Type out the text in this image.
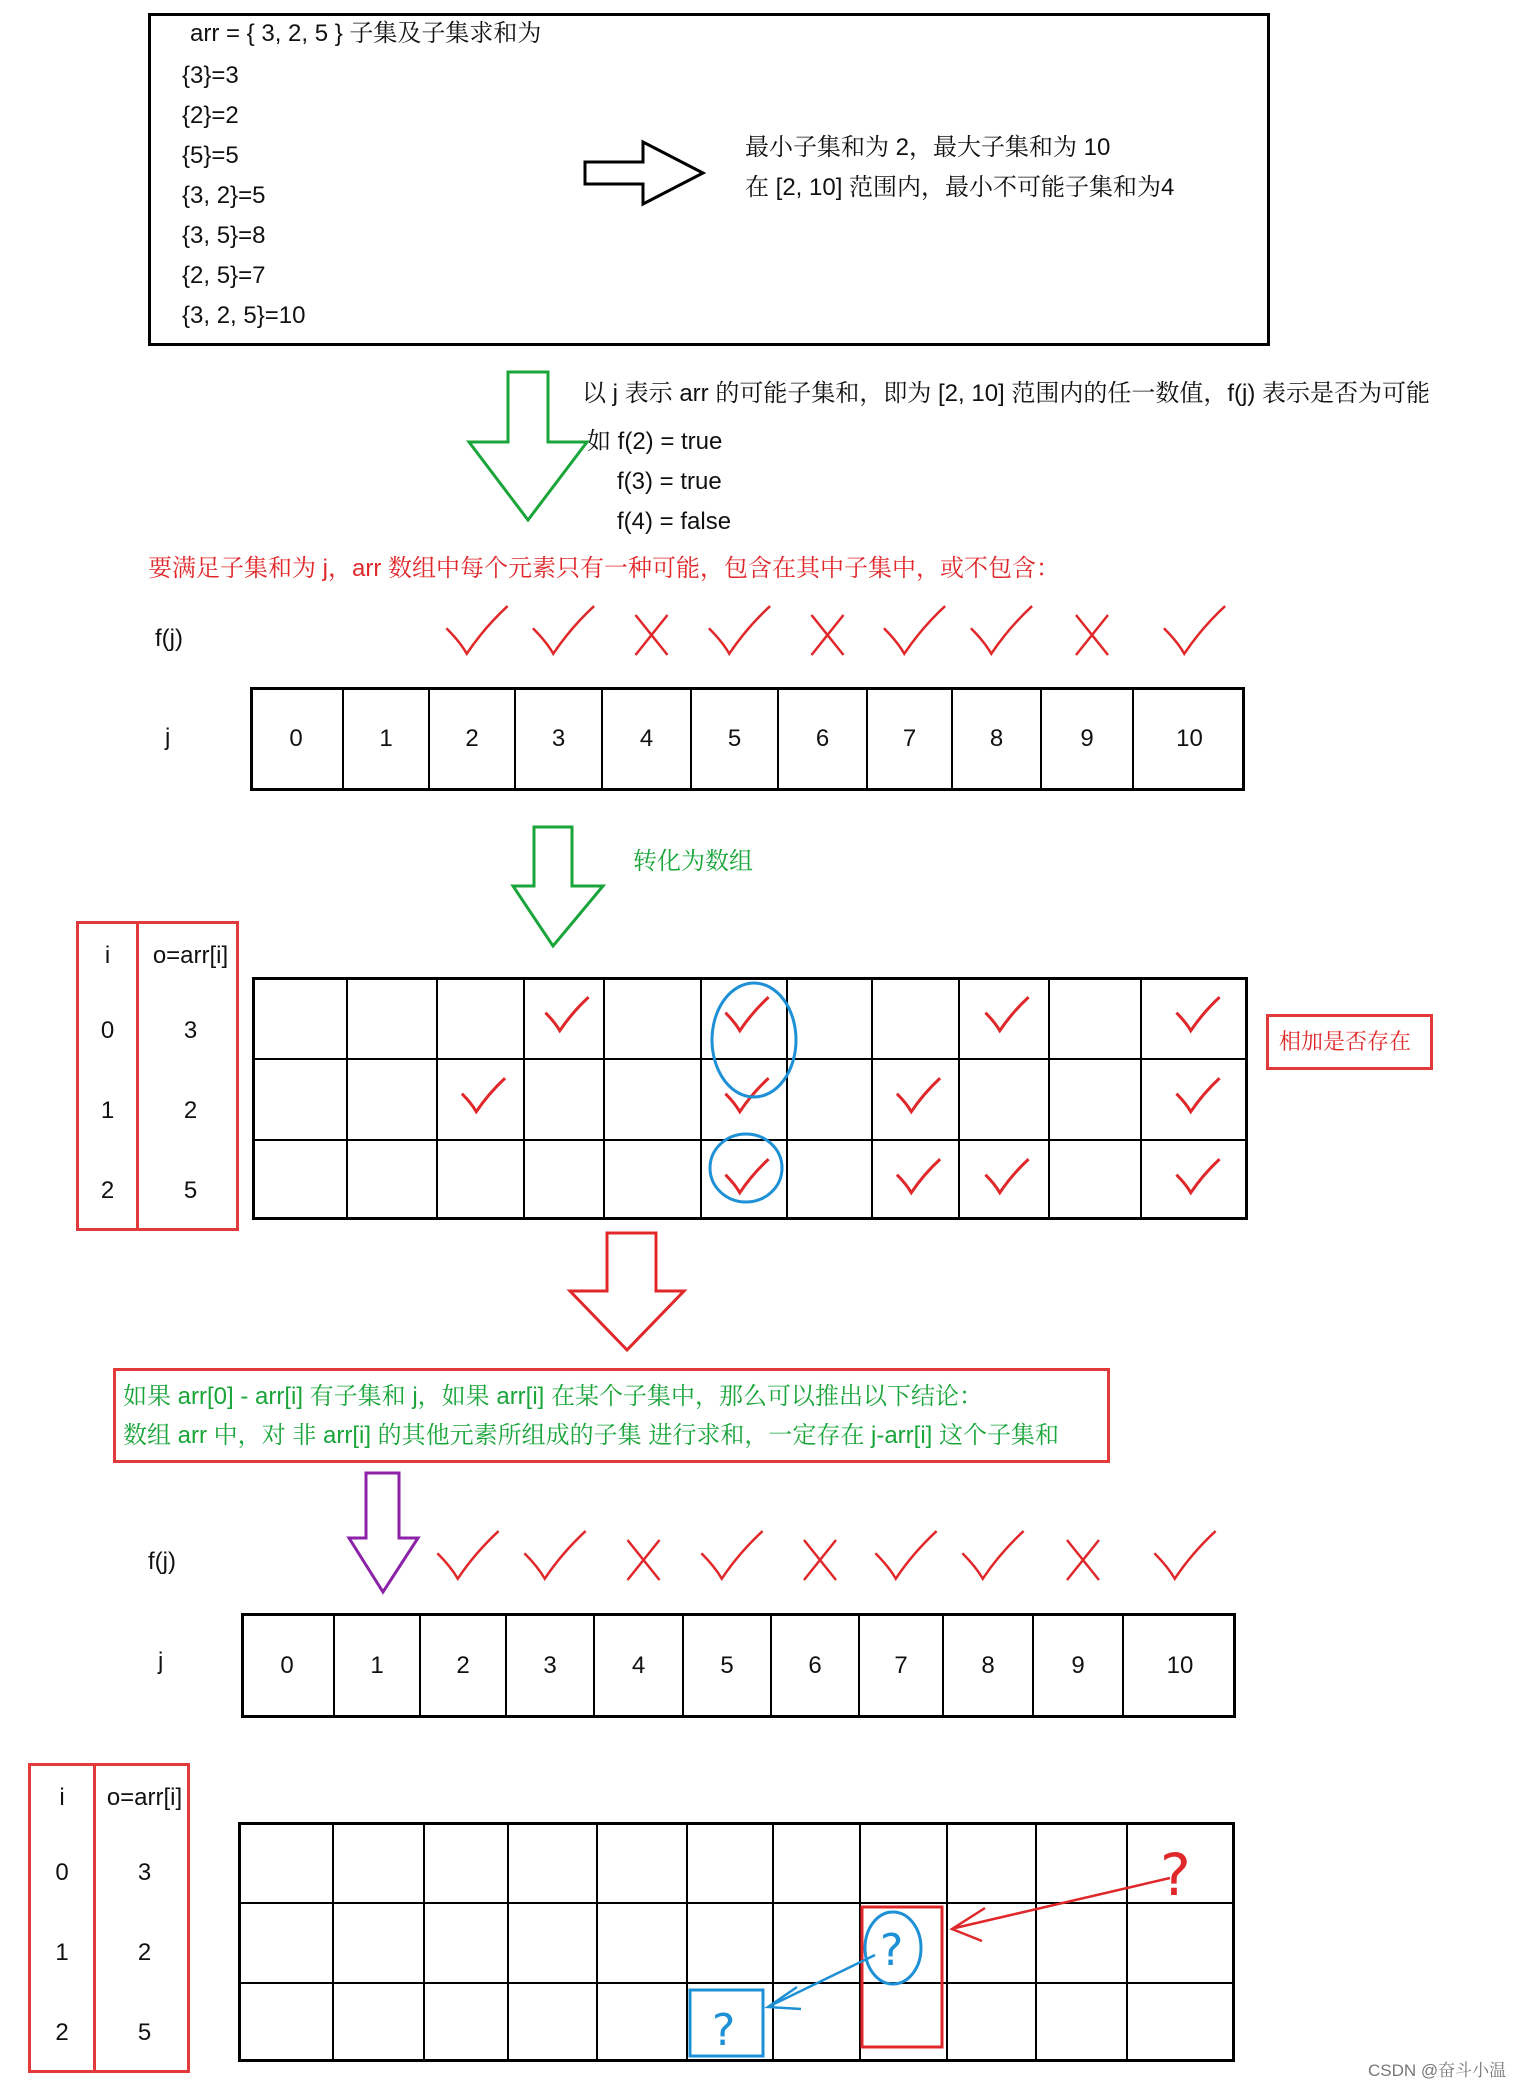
arr = { 3, 2, 5 } 子集及子集求和为
{3}=3
{2}=2
{5}=5
{3, 2}=5
{3, 5}=8
{2, 5}=7
{3, 2, 5}=10
最小子集和为 2，最大子集和为 10
在 [2, 10] 范围内，最小不可能子集和为4
以 j 表示 arr 的可能子集和，即为 [2, 10] 范围内的任一数值，f(j) 表示是否为可能
如 f(2) = true
f(3) = true
f(4) = false
要满足子集和为 j，arr 数组中每个元素只有一种可能，包含在其中子集中，或不包含：
f(j)
j	0	1	2	3	4	5	6	7	8	9	10
转化为数组
i	o=arr[i]
0	3
1	2
2	5
相加是否存在
如果 arr[0] - arr[i] 有子集和 j，如果 arr[i] 在某个子集中，那么可以推出以下结论：
数组 arr 中，对 非 arr[i] 的其他元素所组成的子集 进行求和，一定存在 j-arr[i] 这个子集和
f(j)
j	0	1	2	3	4	5	6	7	8	9	10
i	o=arr[i]
0	3
1	2
2	5
?
?
?
CSDN @奋斗小温
